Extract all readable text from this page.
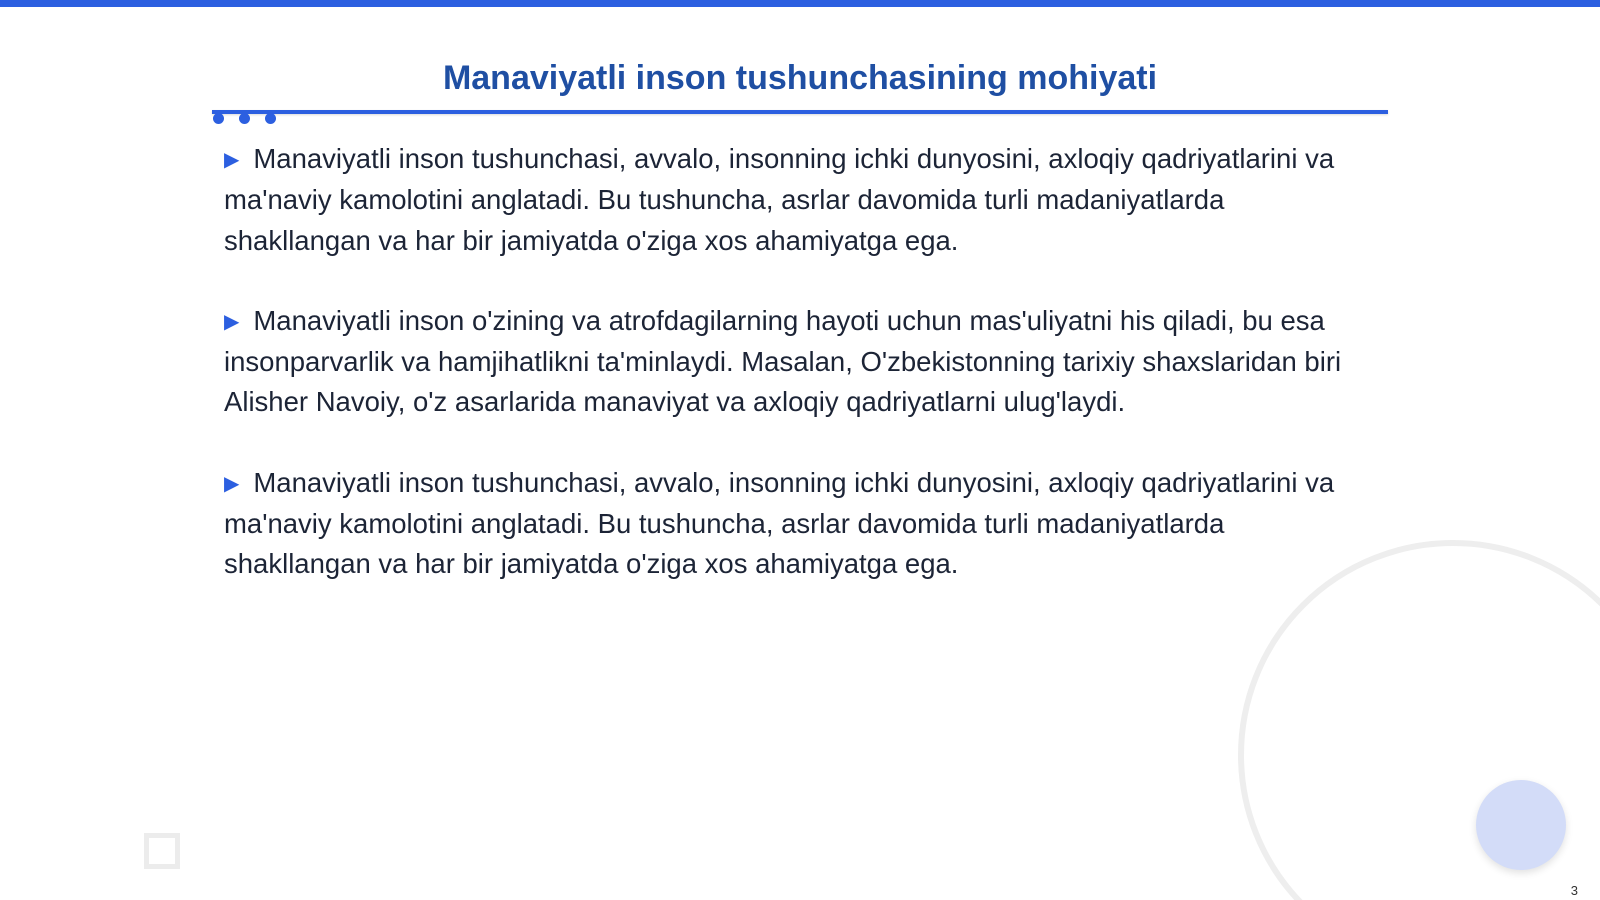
Manaviyatli inson tushunchasining mohiyati

▶ Manaviyatli inson tushunchasi, avvalo, insonning ichki dunyosini, axloqiy qadriyatlarini va ma'naviy kamolotini anglatadi. Bu tushuncha, asrlar davomida turli madaniyatlarda shakllangan va har bir jamiyatda o'ziga xos ahamiyatga ega.

▶ Manaviyatli inson o'zining va atrofdagilarning hayoti uchun mas'uliyatni his qiladi, bu esa insonparvarlik va hamjihatlikni ta'minlaydi. Masalan, O'zbekistonning tarixiy shaxslaridan biri Alisher Navoiy, o'z asarlarida manaviyat va axloqiy qadriyatlarni ulug'laydi.

▶ Manaviyatli inson tushunchasi, avvalo, insonning ichki dunyosini, axloqiy qadriyatlarini va ma'naviy kamolotini anglatadi. Bu tushuncha, asrlar davomida turli madaniyatlarda shakllangan va har bir jamiyatda o'ziga xos ahamiyatga ega.

3
